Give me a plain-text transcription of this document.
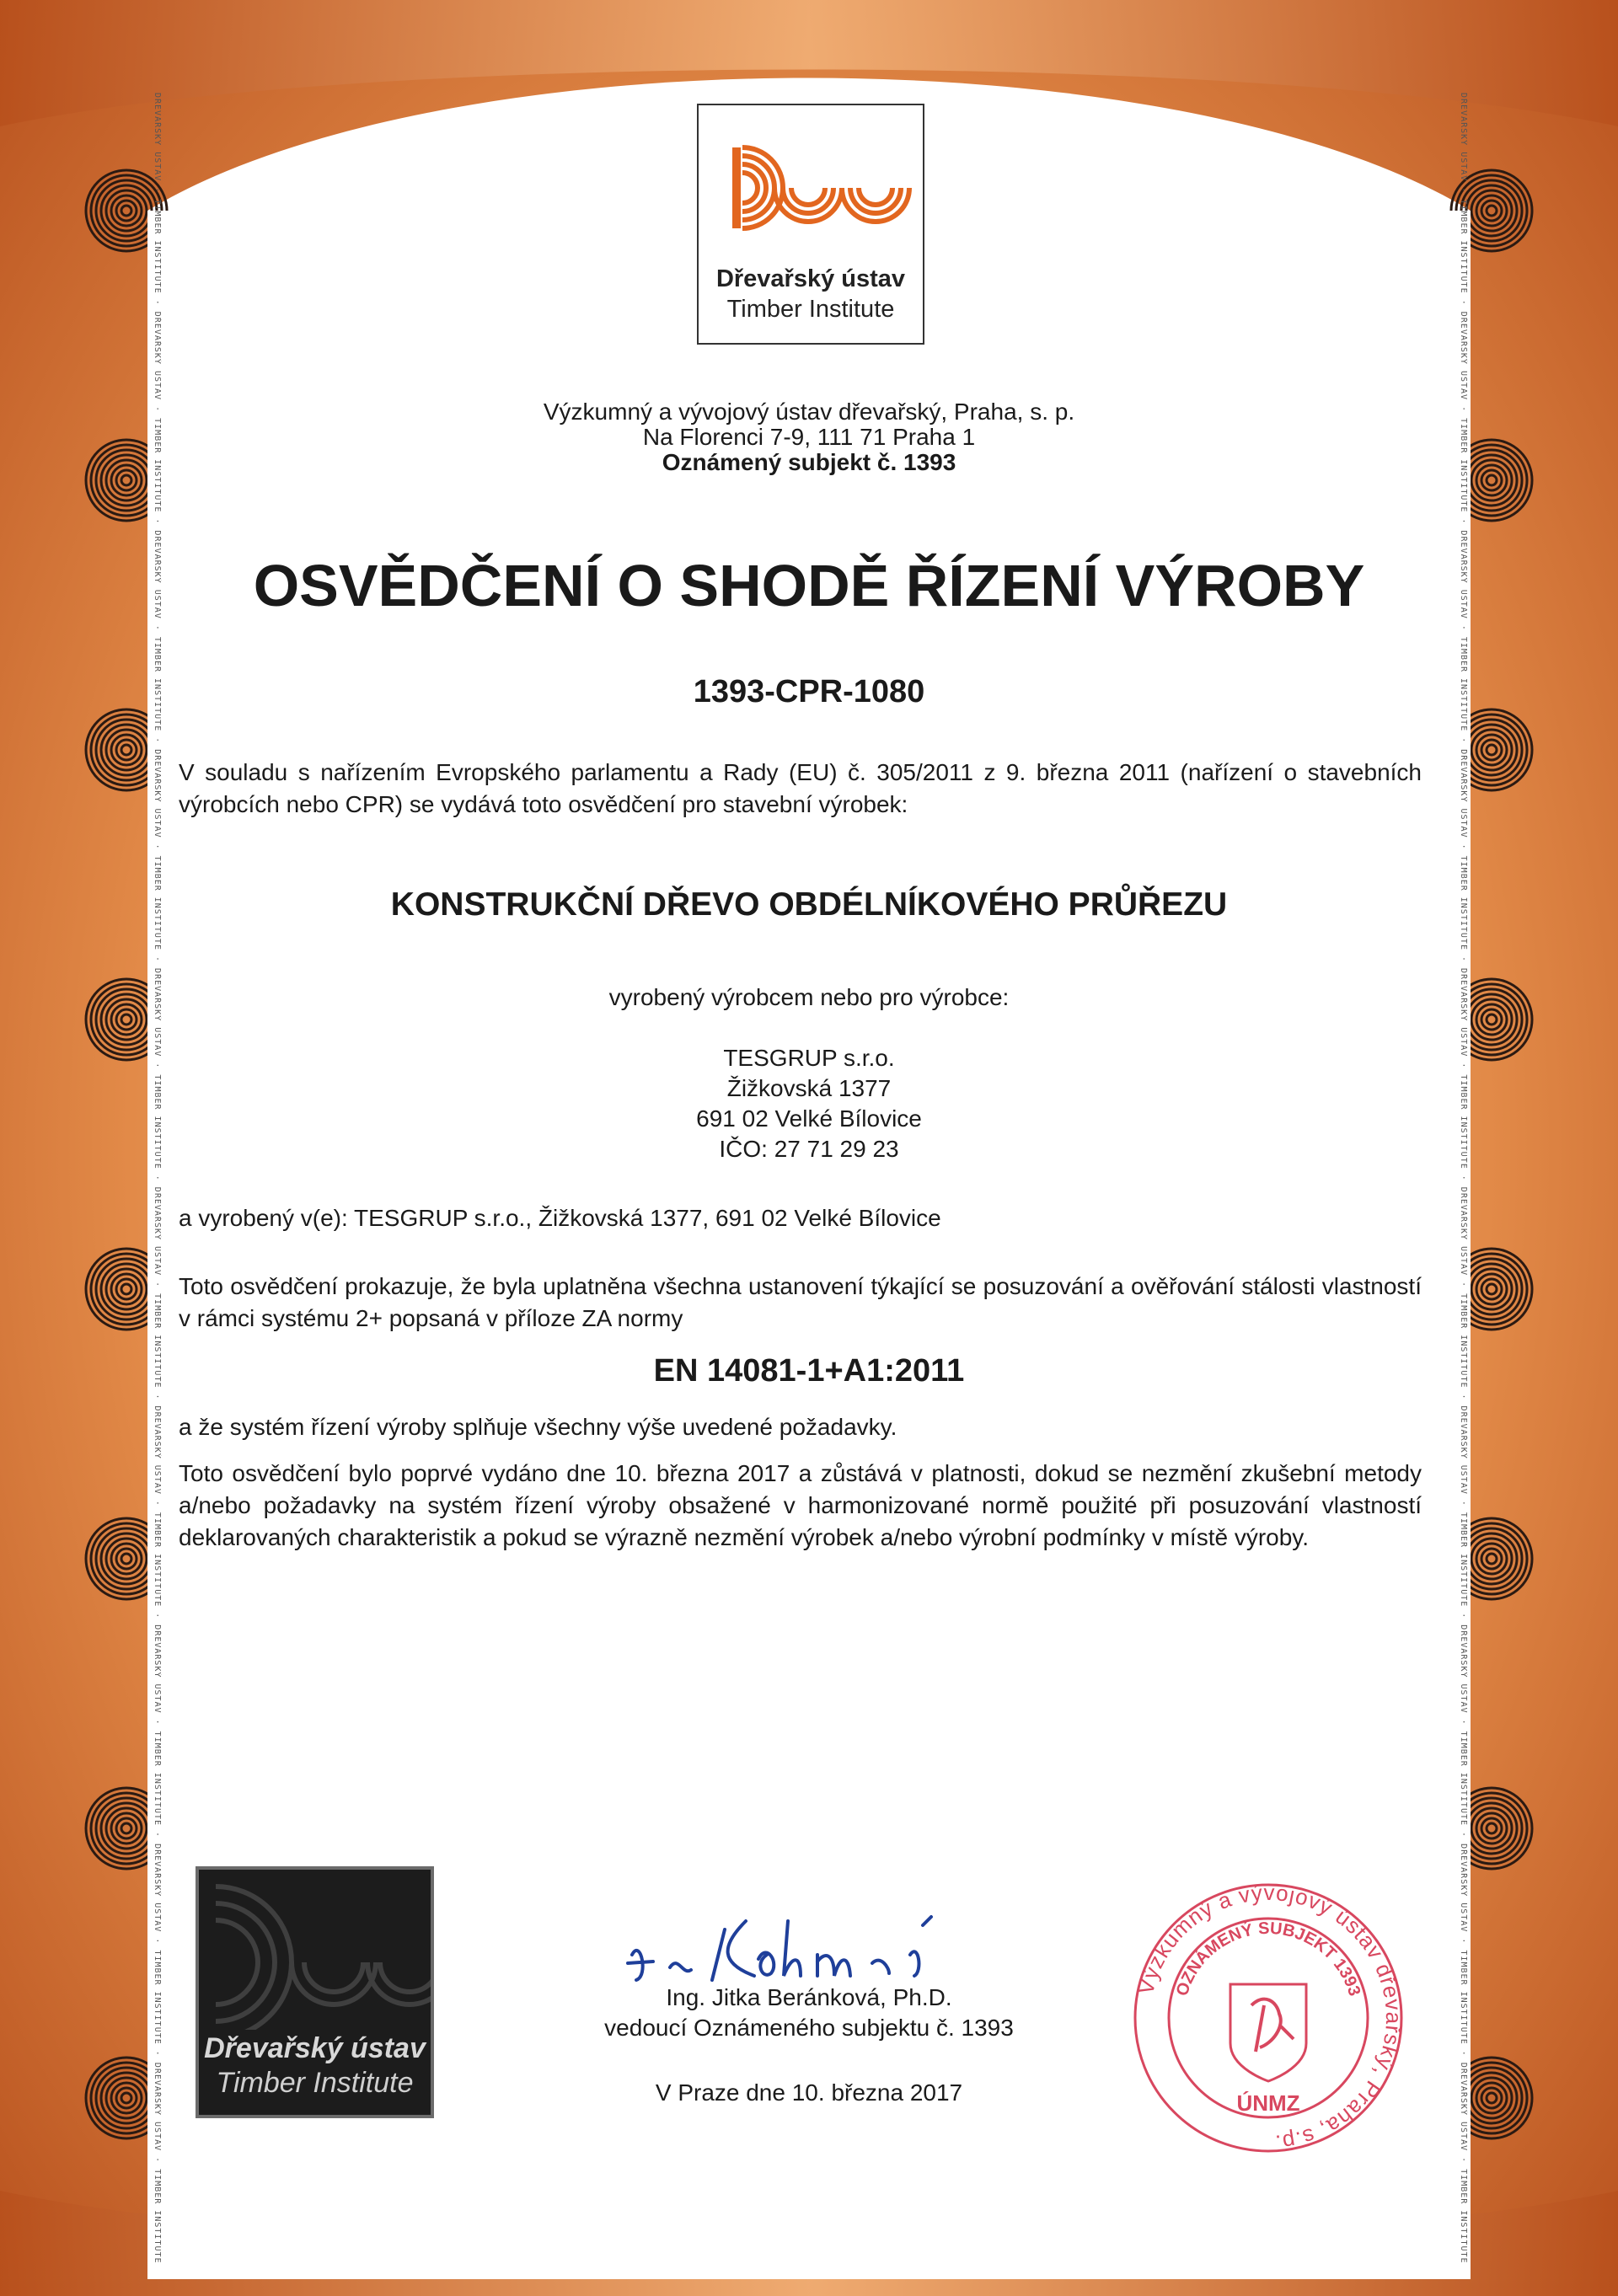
DŘEVAŘSKÝ ÚSTAV · TIMBER INSTITUTE · DŘEVAŘSKÝ ÚSTAV · TIMBER INSTITUTE · DŘEVAŘSKÝ ÚSTAV · TIMBER INSTITUTE · DŘEVAŘSKÝ ÚSTAV · TIMBER INSTITUTE · DŘEVAŘSKÝ ÚSTAV · TIMBER INSTITUTE · DŘEVAŘSKÝ ÚSTAV · TIMBER INSTITUTE · DŘEVAŘSKÝ ÚSTAV · TIMBER INSTITUTE · DŘEVAŘSKÝ ÚSTAV · TIMBER INSTITUTE · DŘEVAŘSKÝ ÚSTAV · TIMBER INSTITUTE · DŘEVAŘSKÝ ÚSTAV · TIMBER INSTITUTE	DŘEVAŘSKÝ ÚSTAV · TIMBER INSTITUTE · DŘEVAŘSKÝ ÚSTAV · TIMBER INSTITUTE · DŘEVAŘSKÝ ÚSTAV · TIMBER INSTITUTE · DŘEVAŘSKÝ ÚSTAV · TIMBER INSTITUTE · DŘEVAŘSKÝ ÚSTAV · TIMBER INSTITUTE · DŘEVAŘSKÝ ÚSTAV · TIMBER INSTITUTE · DŘEVAŘSKÝ ÚSTAV · TIMBER INSTITUTE · DŘEVAŘSKÝ ÚSTAV · TIMBER INSTITUTE · DŘEVAŘSKÝ ÚSTAV · TIMBER INSTITUTE · DŘEVAŘSKÝ ÚSTAV · TIMBER INSTITUTE
Dřevařský ústav
Timber Institute
Výzkumný a vývojový ústav dřevařský, Praha, s. p.
Na Florenci 7-9, 111 71 Praha 1
Oznámený subjekt č. 1393
OSVĚDČENÍ O SHODĚ ŘÍZENÍ VÝROBY
1393-CPR-1080
V souladu s nařízením Evropského parlamentu a Rady (EU) č. 305/2011 z 9. března 2011 (nařízení o stavebních výrobcích nebo CPR) se vydává toto osvědčení pro stavební výrobek:
KONSTRUKČNÍ DŘEVO OBDÉLNÍKOVÉHO PRŮŘEZU
vyrobený výrobcem nebo pro výrobce:
TESGRUP s.r.o.
Žižkovská 1377
691 02 Velké Bílovice
IČO: 27 71 29 23
a vyrobený v(e): TESGRUP s.r.o., Žižkovská 1377, 691 02 Velké Bílovice
Toto osvědčení prokazuje, že byla uplatněna všechna ustanovení týkající se posuzování a ověřování stálosti vlastností v rámci systému 2+ popsaná v příloze ZA normy
EN 14081-1+A1:2011
a že systém řízení výroby splňuje všechny výše uvedené požadavky.
Toto osvědčení bylo poprvé vydáno dne 10. března 2017 a zůstává v platnosti, dokud se nezmění zkušební metody a/nebo požadavky na systém řízení výroby obsažené v harmonizované normě použité při posuzování vlastností deklarovaných charakteristik a pokud se výrazně nezmění výrobek a/nebo výrobní podmínky v místě výroby.
Dřevařský ústav
Timber Institute
Ing. Jitka Beránková, Ph.D.
vedoucí Oznámeného subjektu č. 1393
V Praze dne 10. března 2017
Výzkumný a vývojový ústav dřevařský, Praha, s.p.
OZNÁMENÝ SUBJEKT 1393
ÚNMZ
